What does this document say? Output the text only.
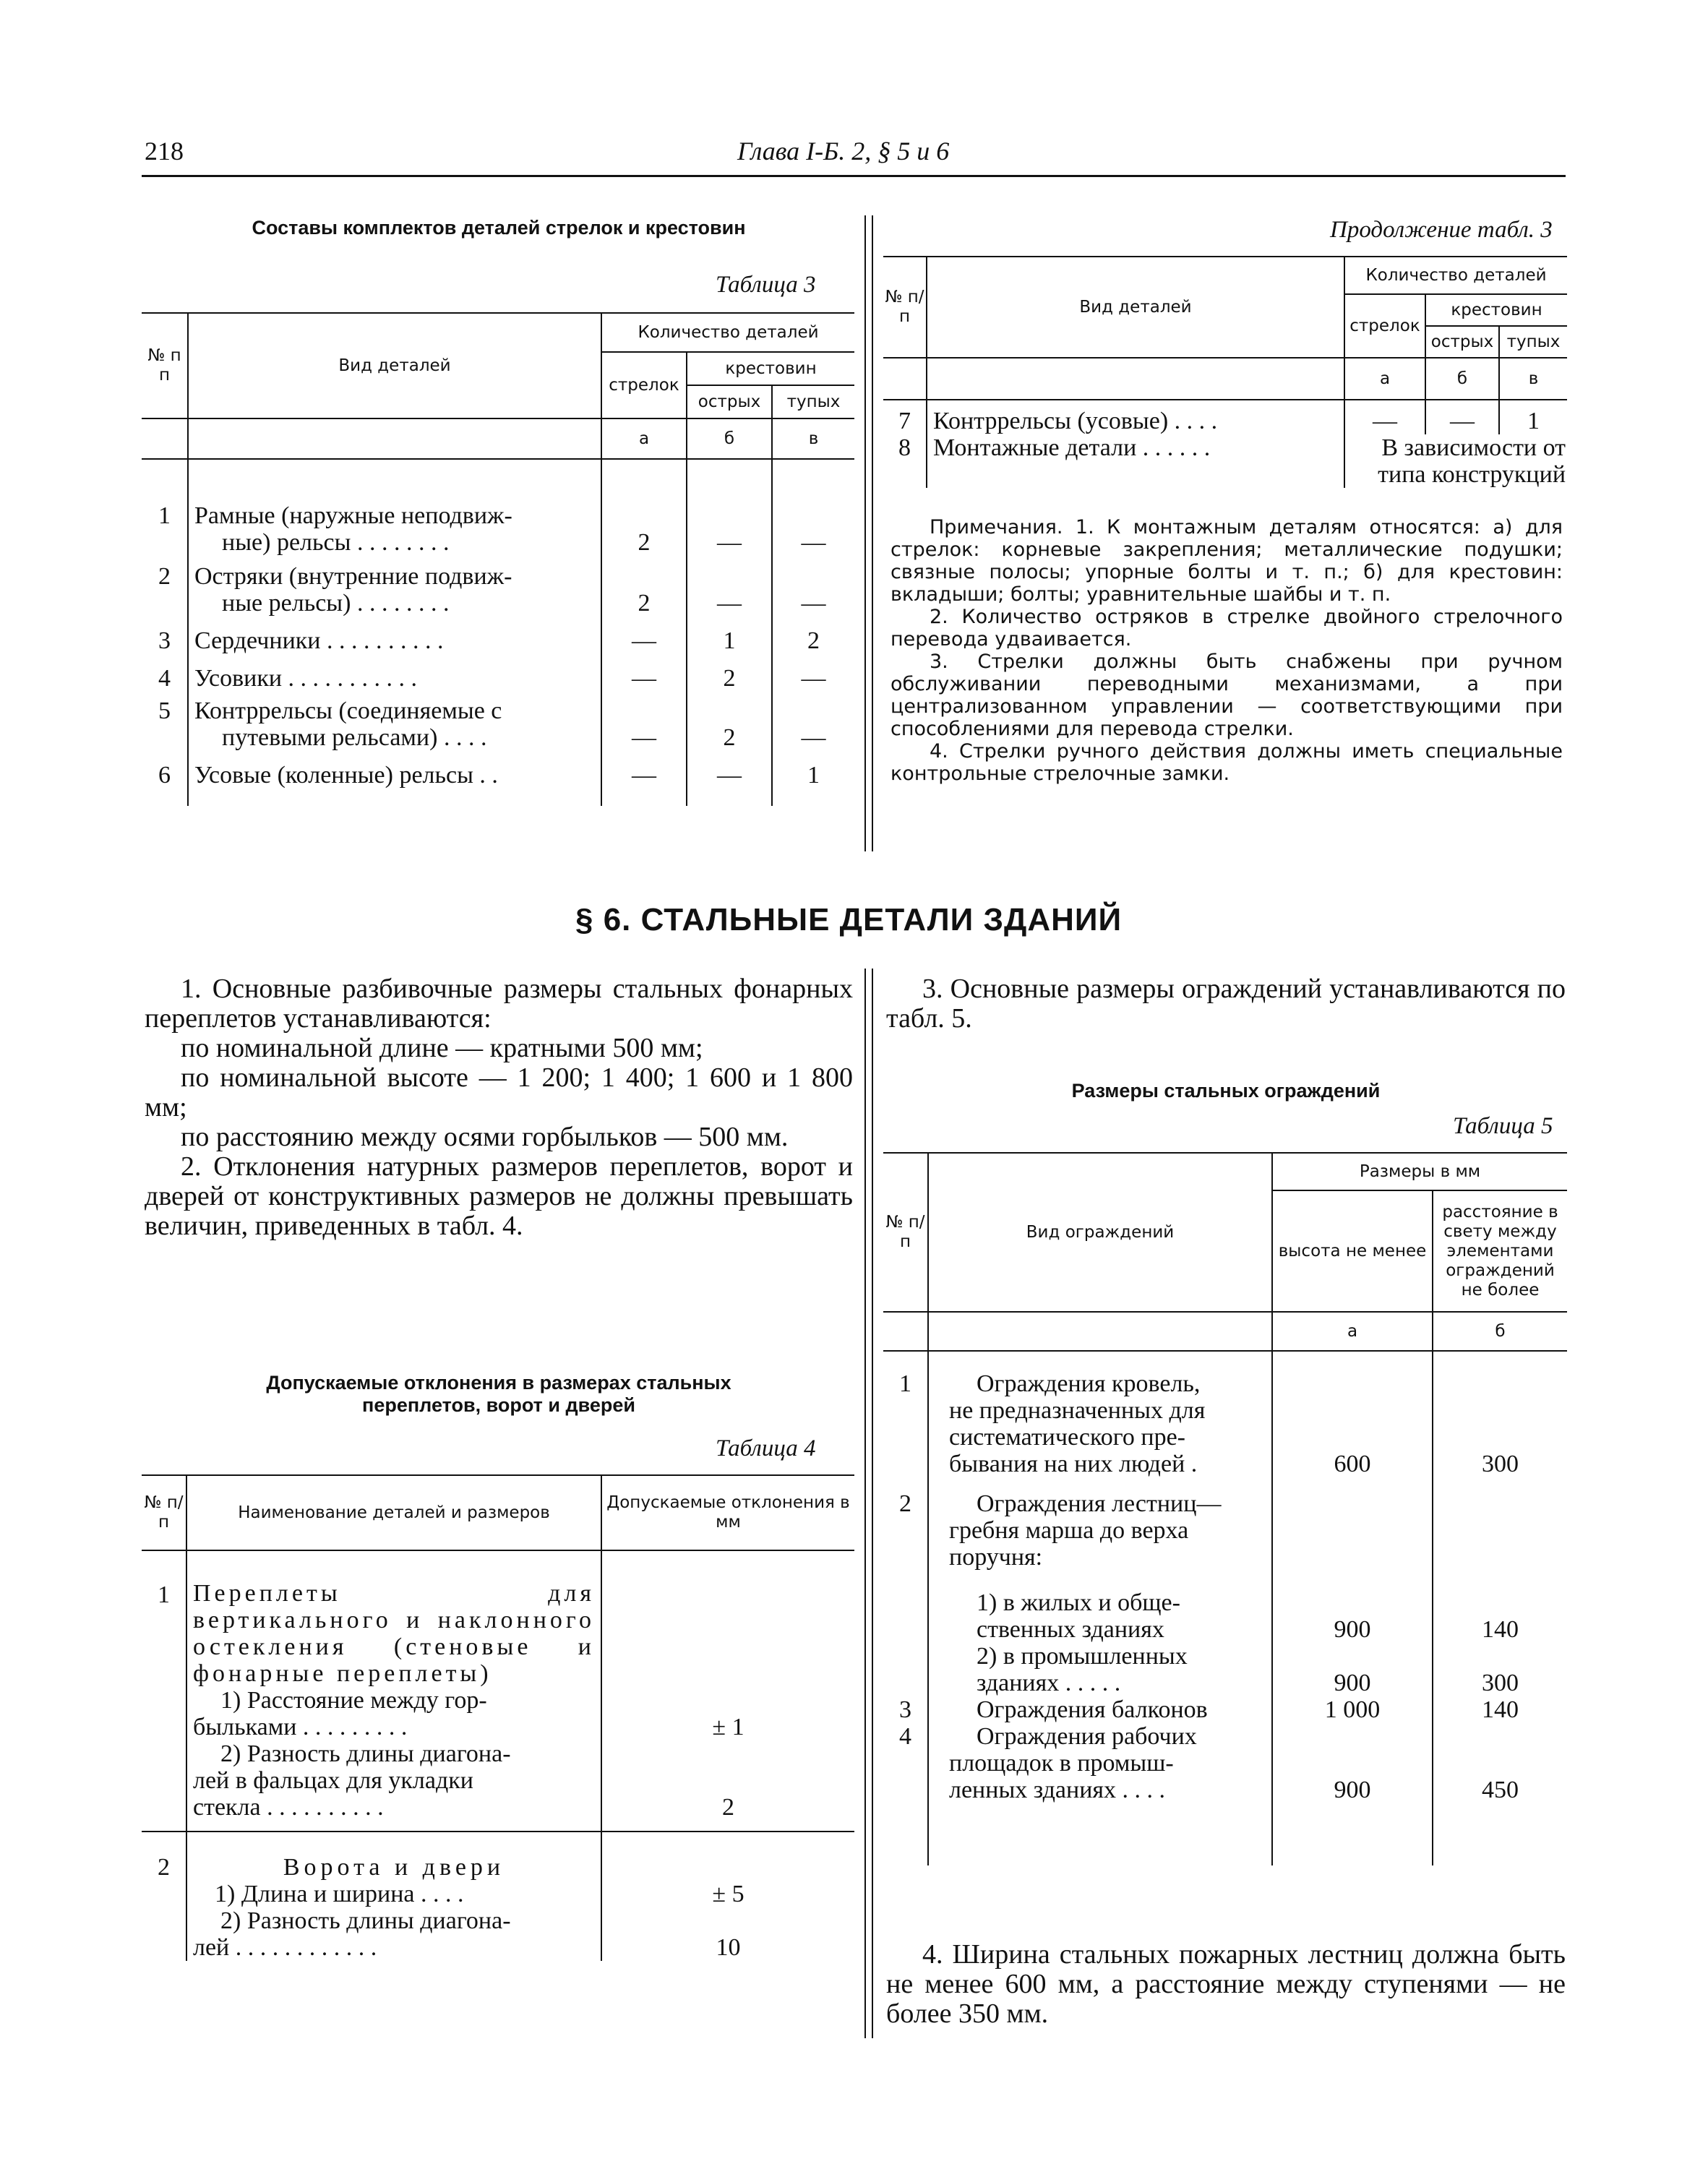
218	Глава I-Б. 2, § 5 и 6
Составы комплектов деталей стрелок и крестовин
Таблица 3
№ п п	Вид деталей	Количество деталей		
		стрелок	крестовин	
			острых	тупых
		а	б	в

1	Рамные (наружные неподвиж-
ные) рельсы . . . . . . . .	2	—	—
2	Остряки (внутренние подвиж-
ные рельсы) . . . . . . . .	2	—	—
3	Сердечники . . . . . . . . . .	—	1	2
4	Усовики . . . . . . . . . . .	—	2	—
5	Контррельсы (соединяемые с
путевыми рельсами) . . . .	—	2	—
6	Усовые (коленные) рельсы . .	—	—	1

Продолжение табл. 3
№ п/п	Вид деталей	Количество деталей		
		стрелок	крестовин	
			острых	тупых
		а	б	в
7	Контррельсы (усовые) . . . .	—	—	1
8	Монтажные детали . . . . . .	В зависимости от
типа конструкций		

Примечания. 1. К монтажным деталям относятся: а) для стрелок: корневые закрепления; металлические подушки; связные полосы; упорные болты и т. п.; б) для крестовин: вкладыши; болты; уравнительные шайбы и т. п.

2. Количество остряков в стрелке двойного стрелочного перевода удваивается.

3. Стрелки должны быть снабжены при ручном обслуживании переводными механизмами, а при централизованном управлении — соответствующими при способлениями для перевода стрелки.

4. Стрелки ручного действия должны иметь специальные контрольные стрелочные замки.

§ 6. СТАЛЬНЫЕ ДЕТАЛИ ЗДАНИЙ

1. Основные разбивочные размеры стальных фонарных переплетов устанавливаются:

по номинальной длине — кратными 500 мм;

по номинальной высоте — 1 200; 1 400; 1 600 и 1 800 мм;

по расстоянию между осями горбыльков — 500 мм.

2. Отклонения натурных размеров переплетов, ворот и дверей от конструктивных размеров не должны превышать величин, приведенных в табл. 4.

Допускаемые отклонения в размерах стальных
переплетов, ворот и дверей
Таблица 4
№ п/п	Наименование деталей и размеров	Допускаемые отклонения в мм
1	Переплеты для вертикального и наклонного остекления (стеновые и фонарные переплеты)	

	1) Расстояние между гор-
быльками . . . . . . . . .	± 1

	2) Разность длины диагона-
лей в фальцах для укладки
стекла . . . . . . . . . .	2
2	Ворота и двери	
	1) Длина и ширина . . . .	± 5

	2) Разность длины диагона-
лей . . . . . . . . . . . .	10

3. Основные размеры ограждений устанавливаются по табл. 5.

Размеры стальных ограждений
Таблица 5
№ п/п	Вид ограждений	Размеры в мм	
		высота не менее	расстояние в свету между элементами ограждений не более
		а	б
1	Ограждения кровель,
не предназначенных для
систематического пре-
бывания на них людей .	600	300
2	Ограждения лестниц—
гребня марша до верха
поручня:		

	1) в жилых и обще-
ственных зданиях	900	140

	2) в промышленных
зданиях . . . . .	900	300
3	Ограждения балконов	1 000	140
4	Ограждения рабочих
площадок в промыш-
ленных зданиях . . . .	900	450

4. Ширина стальных пожарных лестниц должна быть не менее 600 мм, а расстояние между ступенями — не более 350 мм.
